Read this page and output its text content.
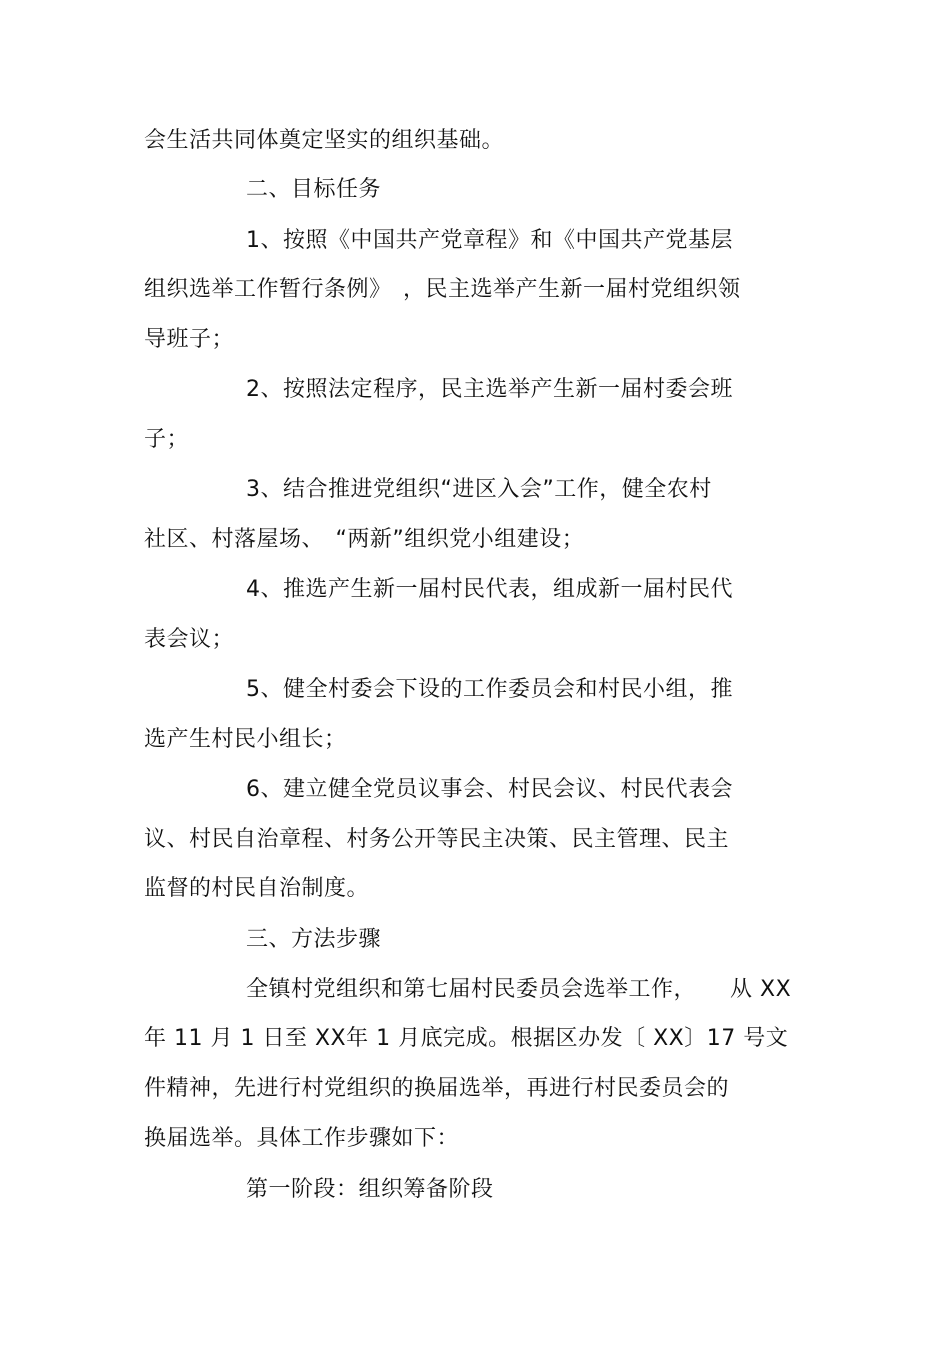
会生活共同体奠定坚实的组织基础。
二、目标任务
1、按照《中国共产党章程》和《中国共产党基层
组织选举工作暂行条例》　，民主选举产生新一届村党组织领
导班子；
2、按照法定程序，民主选举产生新一届村委会班
子；
3、结合推进党组织“进区入会”工作，健全农村
社区、村落屋场、　“两新”组织党小组建设；
4、推选产生新一届村民代表，组成新一届村民代
表会议；
5、健全村委会下设的工作委员会和村民小组，推
选产生村民小组长；
6、建立健全党员议事会、村民会议、村民代表会
议、村民自治章程、村务公开等民主决策、民主管理、民主
监督的村民自治制度。
三、方法步骤
全镇村党组织和第七届村民委员会选举工作，　　从 XX
年 11 月 1 日至 XX年 1 月底完成。根据区办发〔 XX〕17 号文
件精神，先进行村党组织的换届选举，再进行村民委员会的
换届选举。具体工作步骤如下：
第一阶段：组织筹备阶段
